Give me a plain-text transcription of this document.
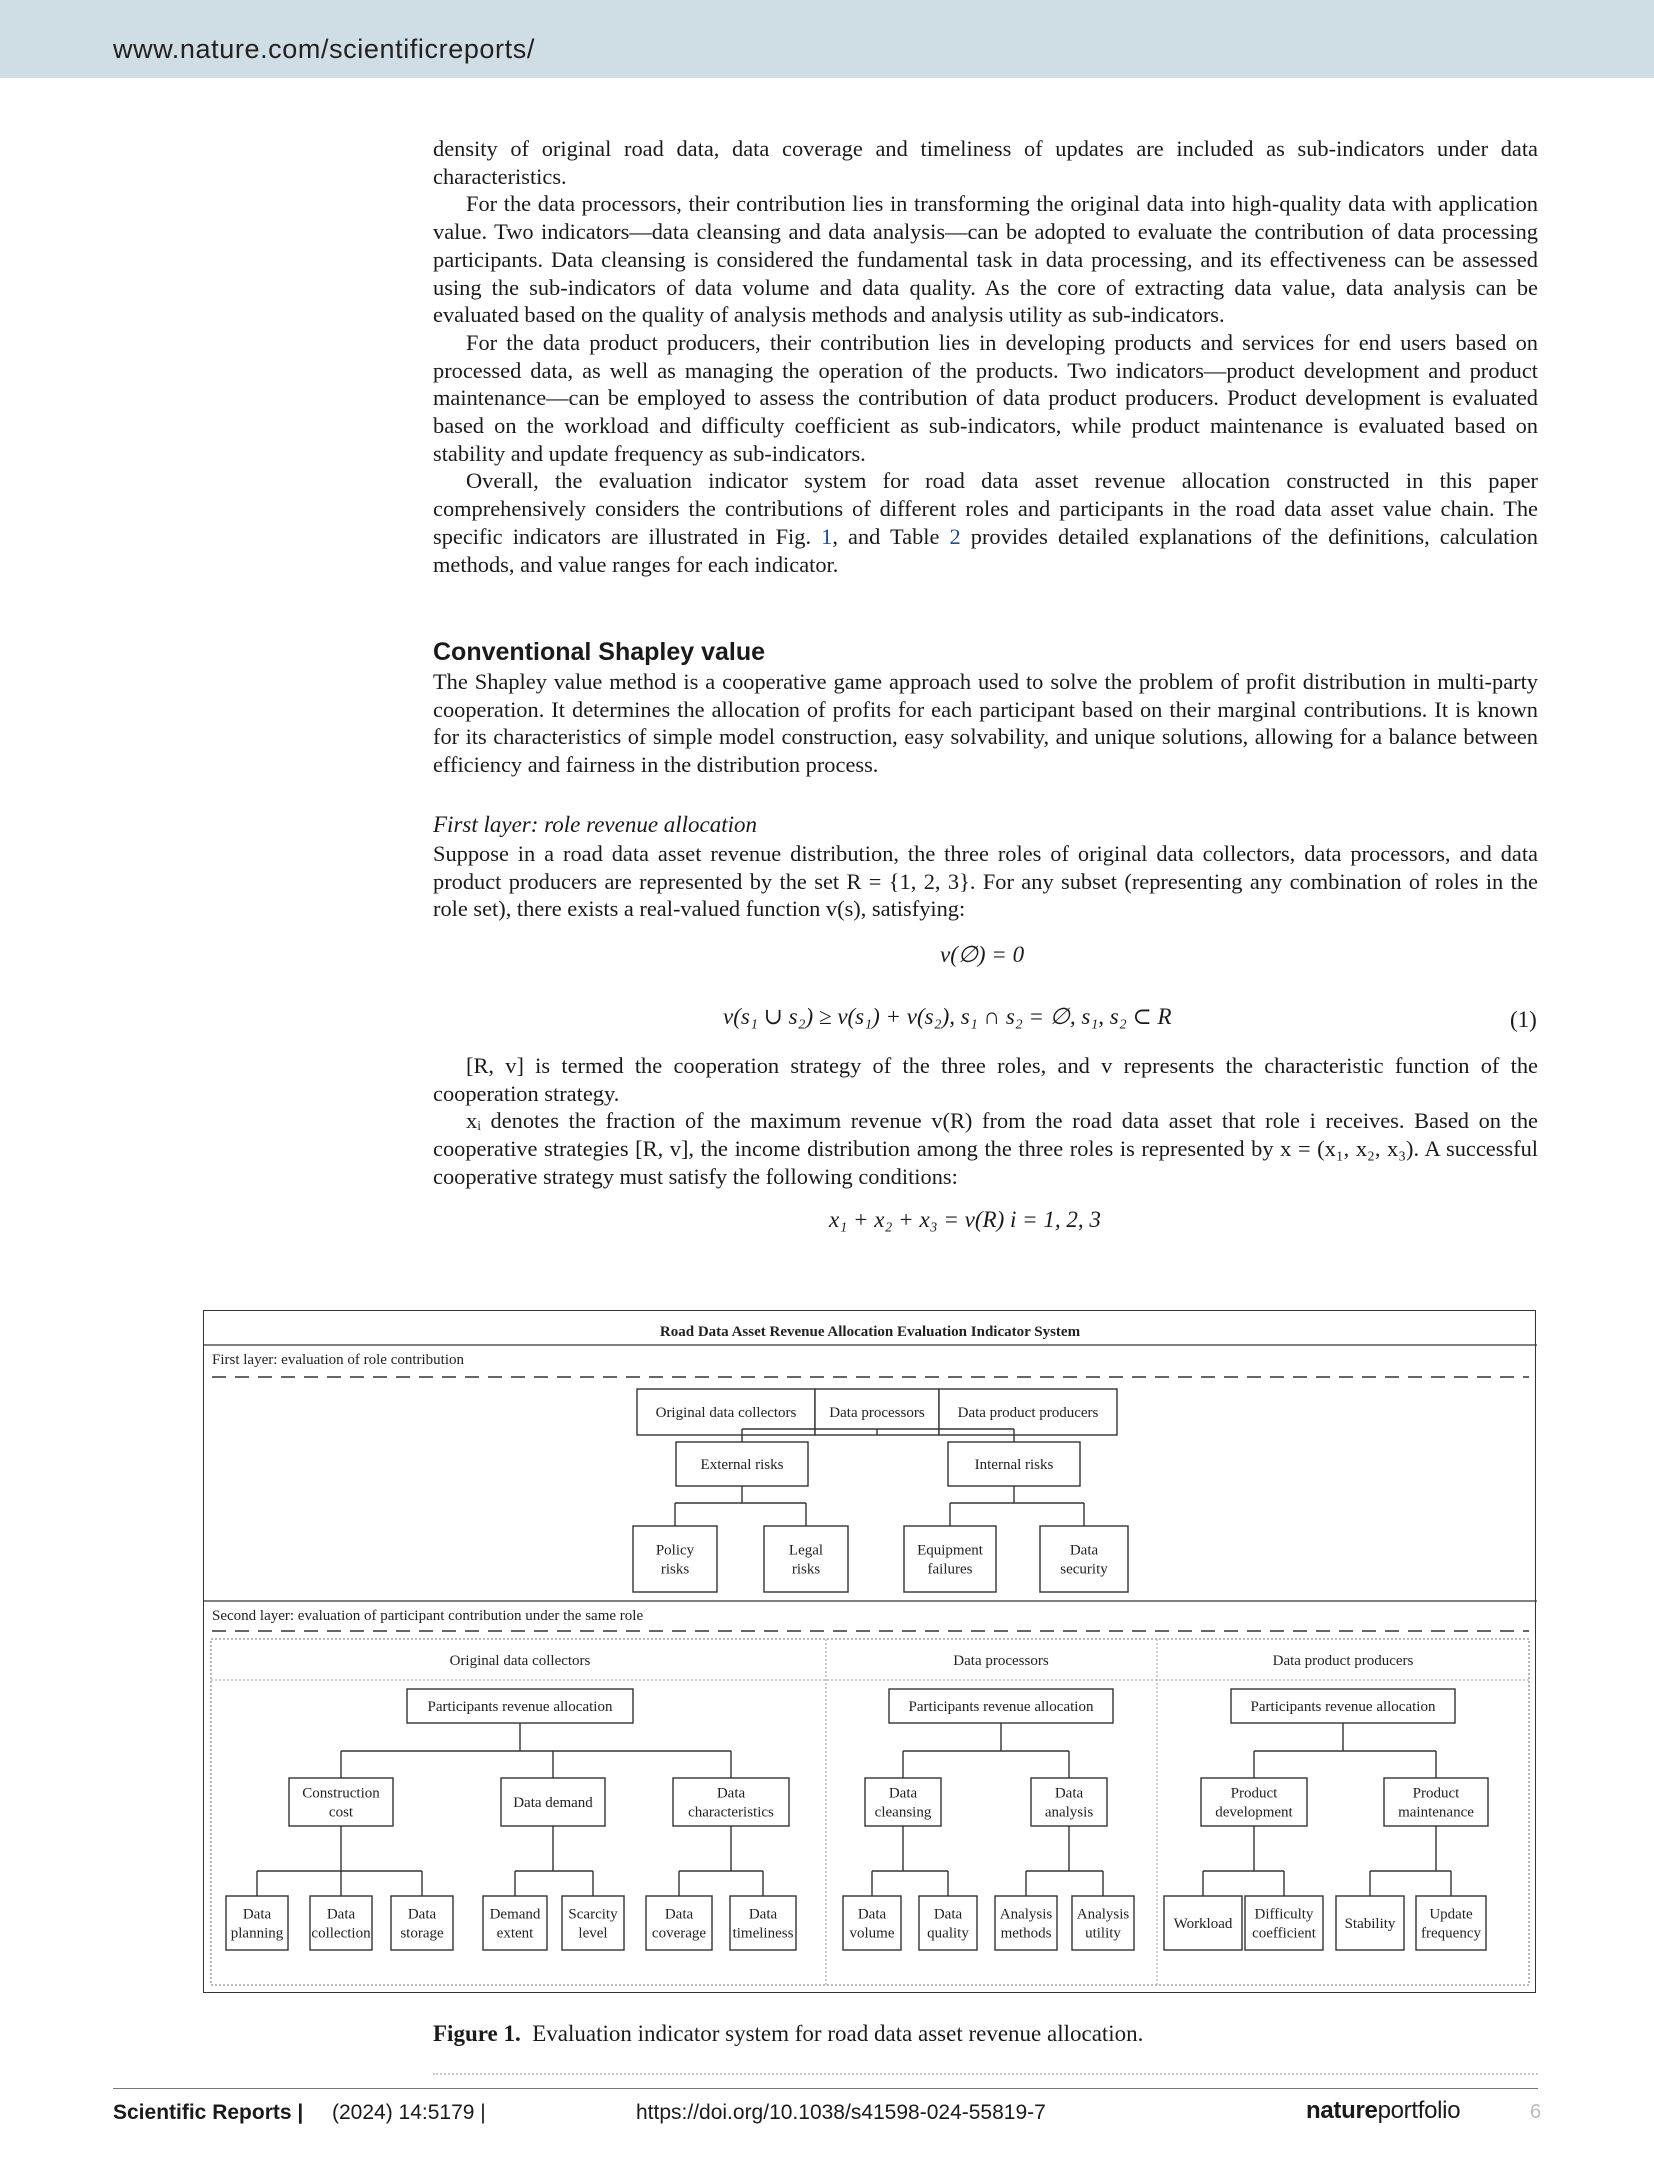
www.nature.com/scientificreports/

density of original road data, data coverage and timeliness of updates are included as sub-indicators under data characteristics.

For the data processors, their contribution lies in transforming the original data into high-quality data with application value. Two indicators—data cleansing and data analysis—can be adopted to evaluate the contribution of data processing participants. Data cleansing is considered the fundamental task in data processing, and its effectiveness can be assessed using the sub-indicators of data volume and data quality. As the core of extracting data value, data analysis can be evaluated based on the quality of analysis methods and analysis utility as sub-indicators.

For the data product producers, their contribution lies in developing products and services for end users based on processed data, as well as managing the operation of the products. Two indicators—product development and product maintenance—can be employed to assess the contribution of data product producers. Product development is evaluated based on the workload and difficulty coefficient as sub-indicators, while product maintenance is evaluated based on stability and update frequency as sub-indicators.

Overall, the evaluation indicator system for road data asset revenue allocation constructed in this paper comprehensively considers the contributions of different roles and participants in the road data asset value chain. The specific indicators are illustrated in Fig. 1, and Table 2 provides detailed explanations of the definitions, calculation methods, and value ranges for each indicator.

Conventional Shapley value

The Shapley value method is a cooperative game approach used to solve the problem of profit distribution in multi-party cooperation. It determines the allocation of profits for each participant based on their marginal contributions. It is known for its characteristics of simple model construction, easy solvability, and unique solutions, allowing for a balance between efficiency and fairness in the distribution process.

First layer: role revenue allocation

Suppose in a road data asset revenue distribution, the three roles of original data collectors, data processors, and data product producers are represented by the set R = {1, 2, 3}. For any subset (representing any combination of roles in the role set), there exists a real-valued function v(s), satisfying:

v(∅) = 0
v(s₁ ∪ s₂) ≥ v(s₁) + v(s₂), s₁ ∩ s₂ = ∅, s₁, s₂ ⊂ R	(1)

[R, v] is termed the cooperation strategy of the three roles, and v represents the characteristic function of the cooperation strategy.

xᵢ denotes the fraction of the maximum revenue v(R) from the road data asset that role i receives. Based on the cooperative strategies [R, v], the income distribution among the three roles is represented by x = (x₁, x₂, x₃). A successful cooperative strategy must satisfy the following conditions:

x₁ + x₂ + x₃ = v(R) i = 1, 2, 3
Road Data Asset Revenue Allocation Evaluation Indicator System
First layer: evaluation of role contribution
Original data collectors Data processors Data product producers
External risks	Internal risks
Policy risks
Legal risks
Equipment failures
Data security
Second layer: evaluation of participant contribution under the same role
Original data collectors	Data processors	Data product producers
Participants revenue allocation	Participants revenue allocation	Participants revenue allocation
Construction cost
Data demand
Data characteristics
Data cleansing
Data analysis
Product development
Product maintenance
Data planning
Data collection
Data storage
Demand extent
Scarcity level
Data coverage
Data timeliness
Data volume
Data quality
Analysis methods
Analysis utility
Workload
Difficulty coefficient
Stability
Update frequency
Figure 1. Evaluation indicator system for road data asset revenue allocation.
Scientific Reports | (2024) 14:5179 |	https://doi.org/10.1038/s41598-024-55819-7	natureportfolio	6
